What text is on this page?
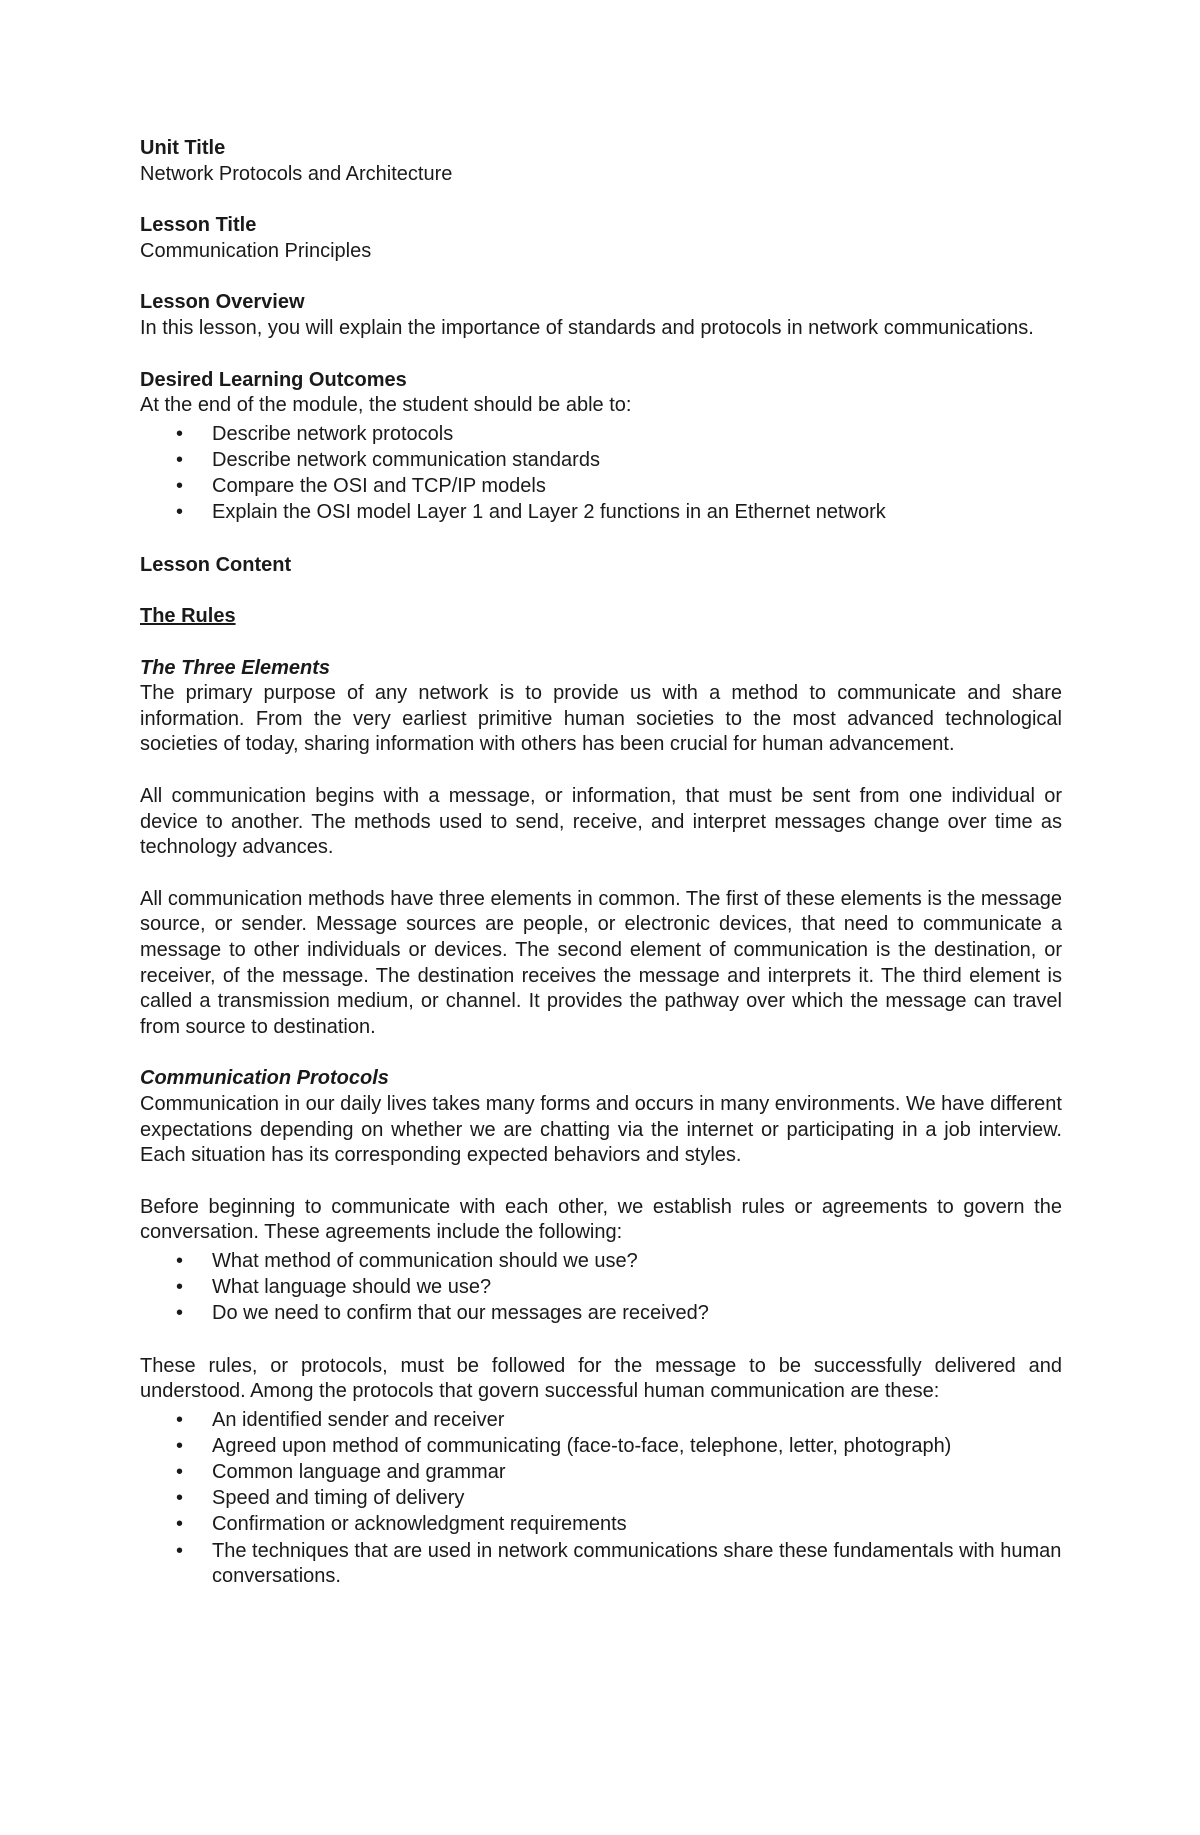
Unit Title
Network Protocols and Architecture
Lesson Title
Communication Principles
Lesson Overview
In this lesson, you will explain the importance of standards and protocols in network communications.
Desired Learning Outcomes
At the end of the module, the student should be able to:
• Describe network protocols
• Describe network communication standards
• Compare the OSI and TCP/IP models
• Explain the OSI model Layer 1 and Layer 2 functions in an Ethernet network
Lesson Content
The Rules
The Three Elements
The primary purpose of any network is to provide us with a method to communicate and share information. From the very earliest primitive human societies to the most advanced technological societies of today, sharing information with others has been crucial for human advancement.
All communication begins with a message, or information, that must be sent from one individual or device to another. The methods used to send, receive, and interpret messages change over time as technology advances.
All communication methods have three elements in common. The first of these elements is the message source, or sender. Message sources are people, or electronic devices, that need to communicate a message to other individuals or devices. The second element of communication is the destination, or receiver, of the message. The destination receives the message and interprets it. The third element is called a transmission medium, or channel. It provides the pathway over which the message can travel from source to destination.
Communication Protocols
Communication in our daily lives takes many forms and occurs in many environments. We have different expectations depending on whether we are chatting via the internet or participating in a job interview. Each situation has its corresponding expected behaviors and styles.
Before beginning to communicate with each other, we establish rules or agreements to govern the conversation. These agreements include the following:
• What method of communication should we use?
• What language should we use?
• Do we need to confirm that our messages are received?
These rules, or protocols, must be followed for the message to be successfully delivered and understood. Among the protocols that govern successful human communication are these:
• An identified sender and receiver
• Agreed upon method of communicating (face-to-face, telephone, letter, photograph)
• Common language and grammar
• Speed and timing of delivery
• Confirmation or acknowledgment requirements
• The techniques that are used in network communications share these fundamentals with human conversations.
